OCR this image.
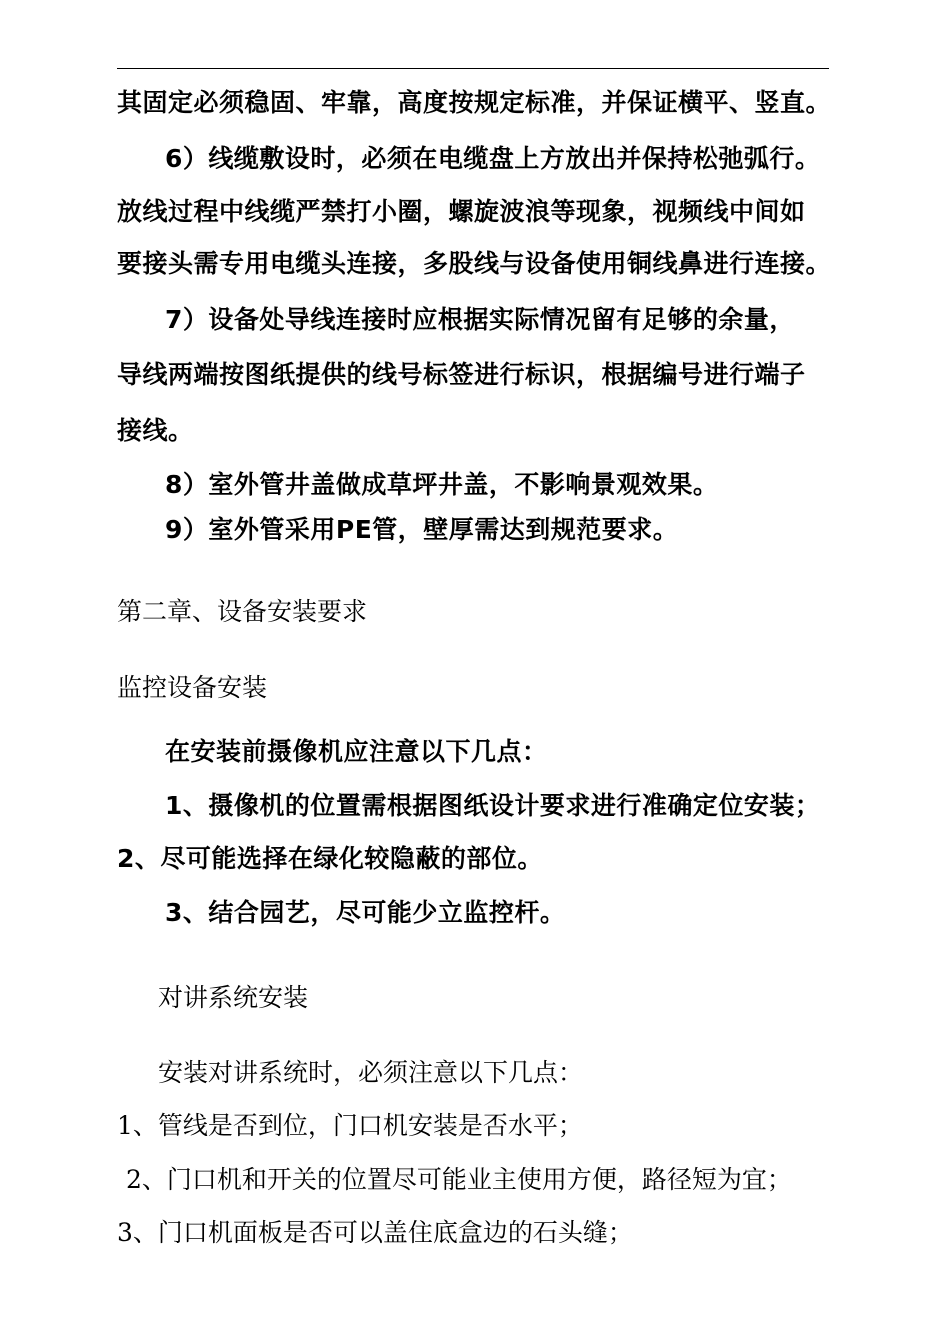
其固定必须稳固、牢靠，高度按规定标准，并保证横平、竖直。
6）线缆敷设时，必须在电缆盘上方放出并保持松弛弧行。
放线过程中线缆严禁打小圈，螺旋波浪等现象，视频线中间如
要接头需专用电缆头连接，多股线与设备使用铜线鼻进行连接。
7）设备处导线连接时应根据实际情况留有足够的余量，
导线两端按图纸提供的线号标签进行标识，根据编号进行端子
接线。
8）室外管井盖做成草坪井盖，不影响景观效果。
9）室外管采用PE管，壁厚需达到规范要求。
第二章、设备安装要求
监控设备安装
在安装前摄像机应注意以下几点：
1、摄像机的位置需根据图纸设计要求进行准确定位安装；
2、尽可能选择在绿化较隐蔽的部位。
3、结合园艺，尽可能少立监控杆。
对讲系统安装
安装对讲系统时，必须注意以下几点：
1、管线是否到位，门口机安装是否水平；
2、门口机和开关的位置尽可能业主使用方便，路径短为宜；
3、门口机面板是否可以盖住底盒边的石头缝；
